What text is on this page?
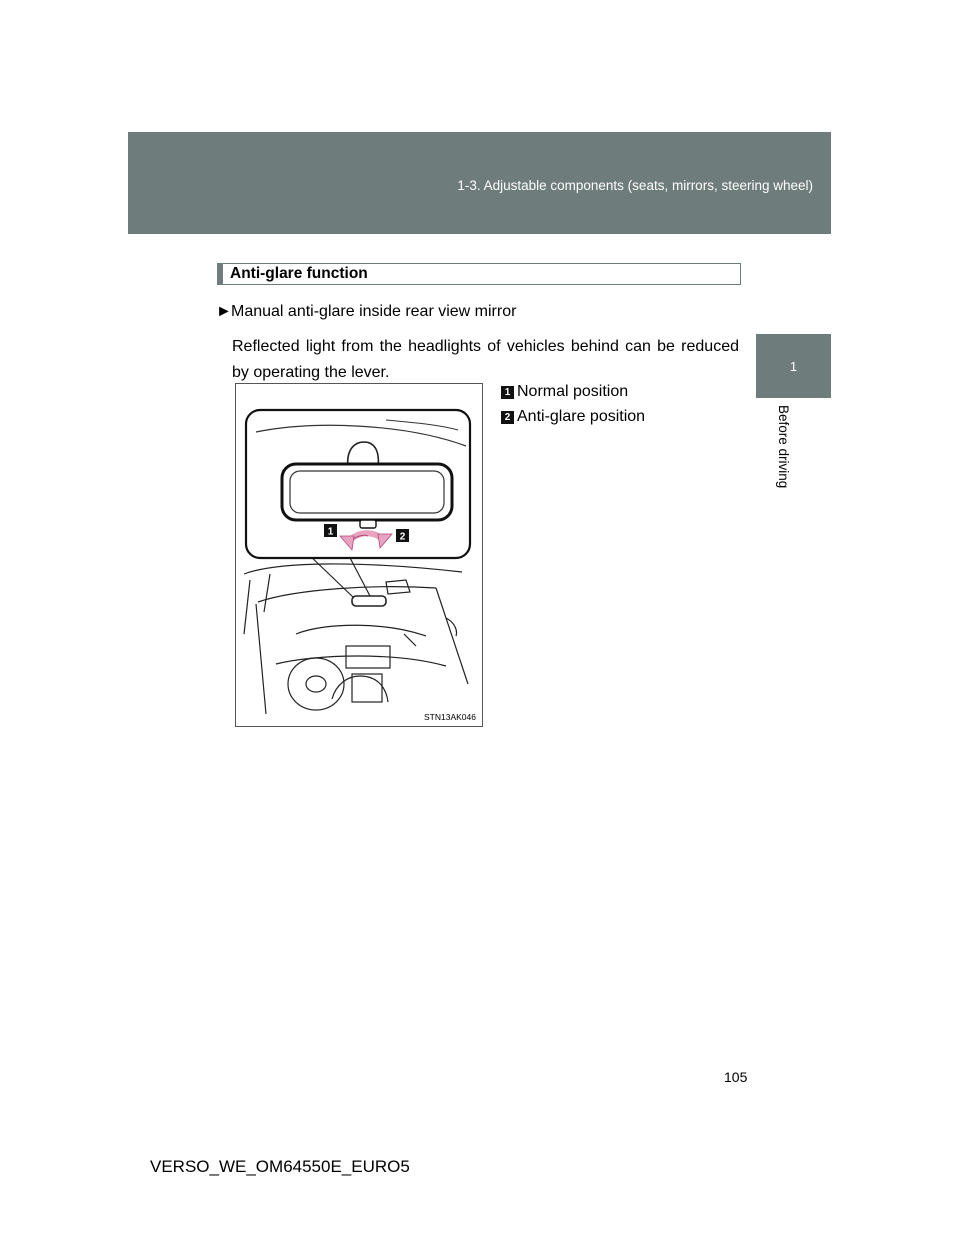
1-3. Adjustable components (seats, mirrors, steering wheel)
1
Before driving
Anti-glare function
►Manual anti-glare inside rear view mirror
Reflected light from the headlights of vehicles behind can be reduced by operating the lever.
1 Normal position
2 Anti-glare position
1	2
STN13AK046
105
VERSO_WE_OM64550E_EURO5
